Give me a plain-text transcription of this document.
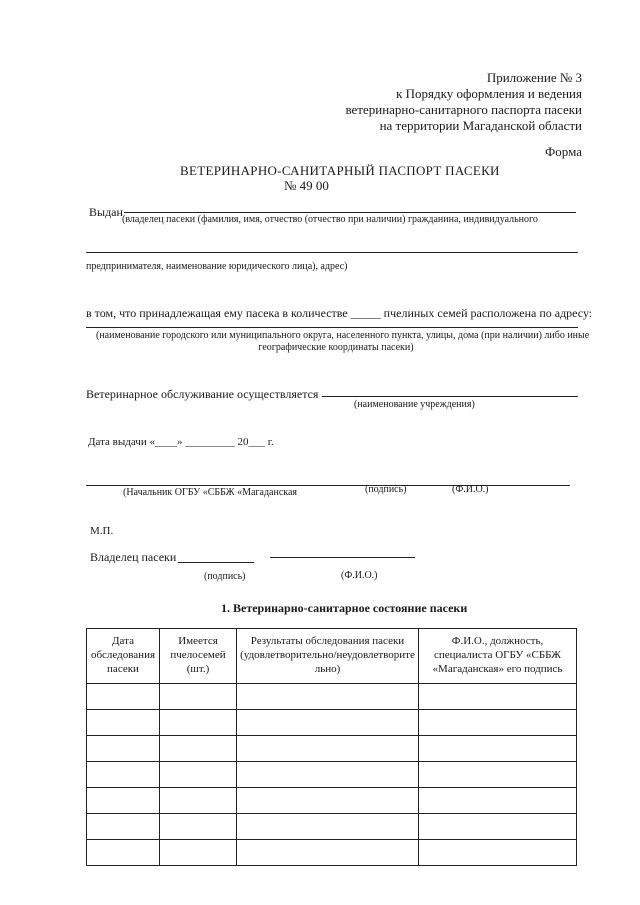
Приложение № 3
к Порядку оформления и ведения
ветеринарно-санитарного паспорта пасеки
на территории Магаданской области
Форма
ВЕТЕРИНАРНО-САНИТАРНЫЙ ПАСПОРТ ПАСЕКИ
№ 49 00
Выдан
(владелец пасеки (фамилия, имя, отчество (отчество при наличии) гражданина, индивидуального
предпринимателя, наименование юридического лица), адрес)
в том, что принадлежащая ему пасека в количестве _____ пчелиных семей расположена по адресу:
(наименование городского или муниципального округа, населенного пункта, улицы, дома (при наличии) либо иные
географические координаты пасеки)
Ветеринарное обслуживание осуществляется
(наименование учреждения)
Дата выдачи «____» _________ 20___ г.
(Начальник ОГБУ «СББЖ «Магаданская	(подпись)	(Ф.И.О.)
М.П.
Владелец пасеки
(подпись)	(Ф.И.О.)
1. Ветеринарно-санитарное состояние пасеки
Дата обследования пасеки	Имеется пчелосемей (шт.)	Результаты обследования пасеки (удовлетворительно/неудовлетворите льно)	Ф.И.О., должность, специалиста ОГБУ «СББЖ «Магаданская» его подпись
